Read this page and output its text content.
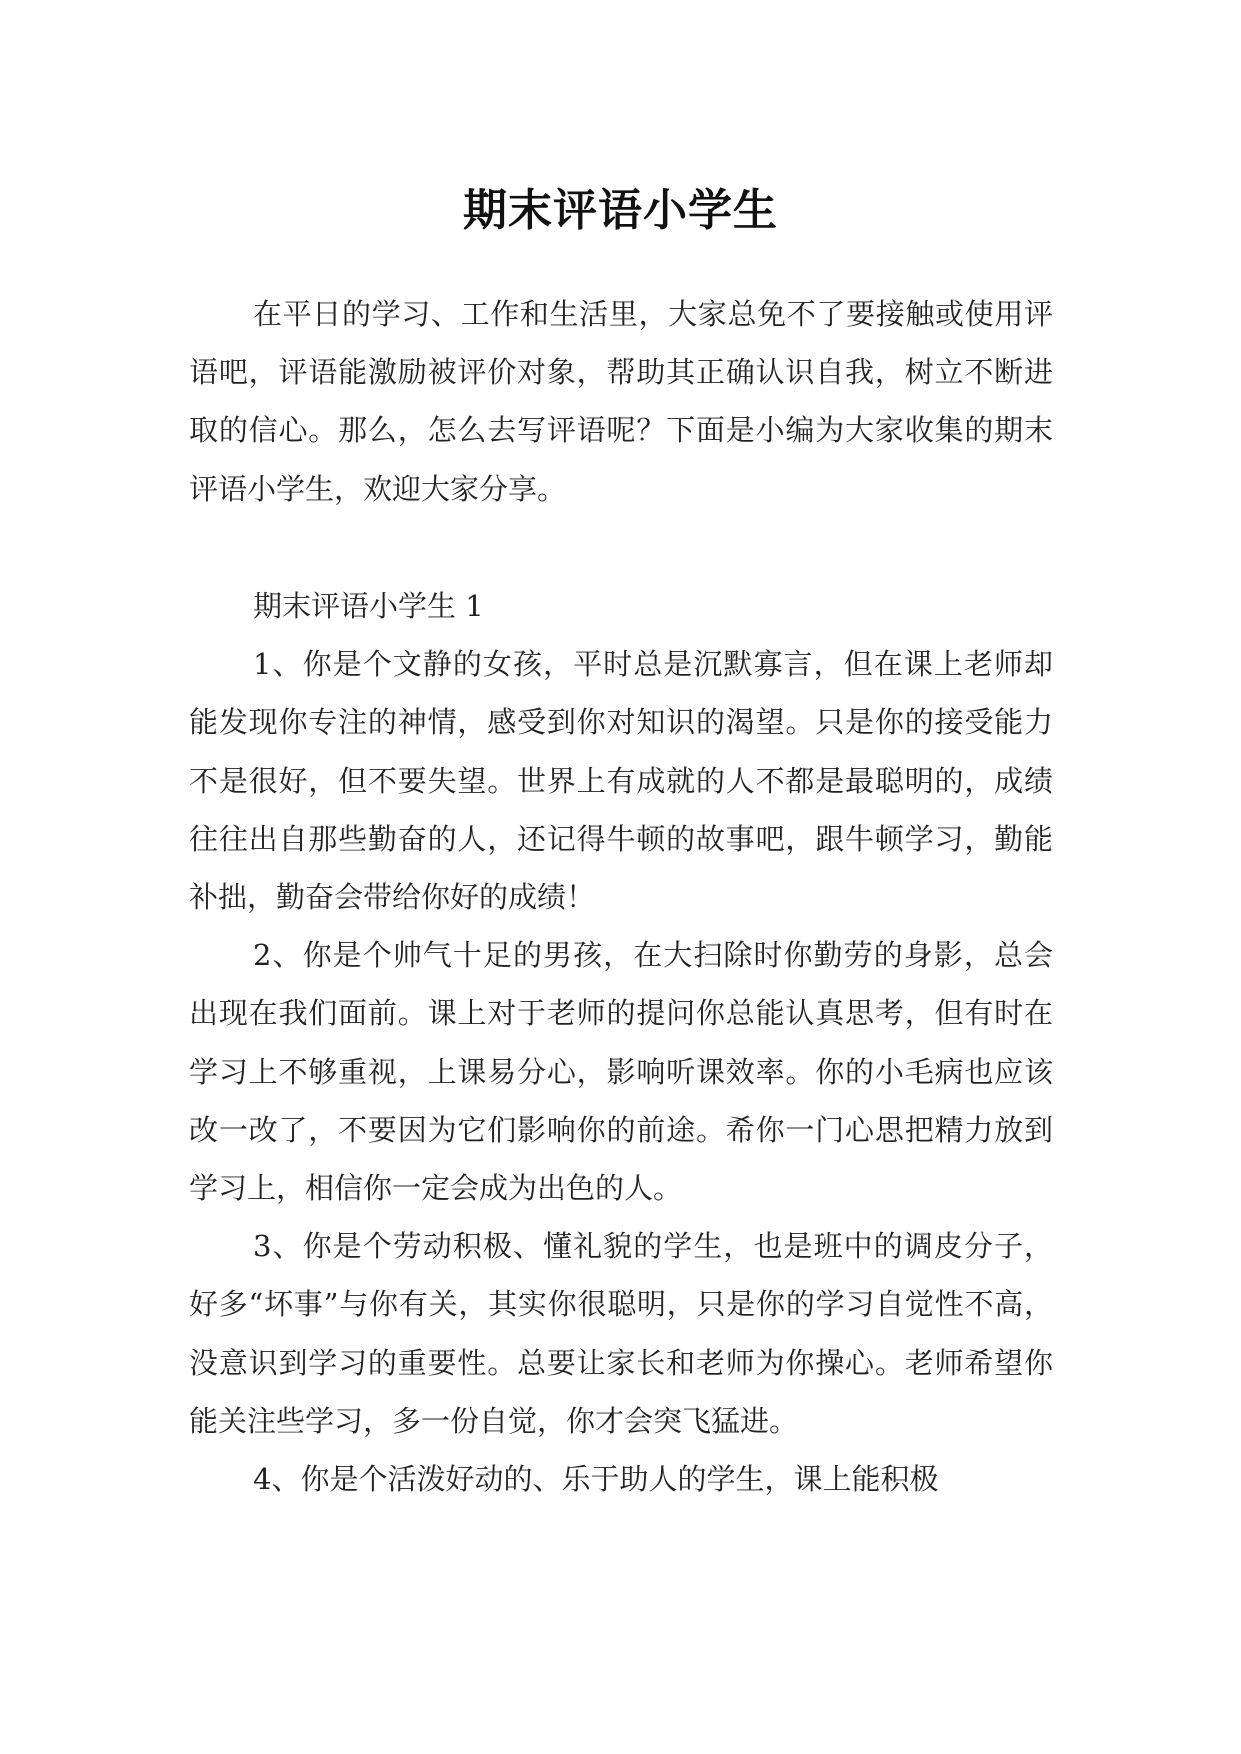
期末评语小学生

在平日的学习、工作和生活里，大家总免不了要接触或使用评语吧，评语能激励被评价对象，帮助其正确认识自我，树立不断进取的信心。那么，怎么去写评语呢？下面是小编为大家收集的期末评语小学生，欢迎大家分享。

期末评语小学生 1

1、你是个文静的女孩，平时总是沉默寡言，但在课上老师却能发现你专注的神情，感受到你对知识的渴望。只是你的接受能力不是很好，但不要失望。世界上有成就的人不都是最聪明的，成绩往往出自那些勤奋的人，还记得牛顿的故事吧，跟牛顿学习，勤能补拙，勤奋会带给你好的成绩！

2、你是个帅气十足的男孩，在大扫除时你勤劳的身影，总会出现在我们面前。课上对于老师的提问你总能认真思考，但有时在学习上不够重视，上课易分心，影响听课效率。你的小毛病也应该改一改了，不要因为它们影响你的前途。希你一门心思把精力放到学习上，相信你一定会成为出色的人。

3、你是个劳动积极、懂礼貌的学生，也是班中的调皮分子，好多“坏事”与你有关，其实你很聪明，只是你的学习自觉性不高，没意识到学习的重要性。总要让家长和老师为你操心。老师希望你能关注些学习，多一份自觉，你才会突飞猛进。

4、你是个活泼好动的、乐于助人的学生，课上能积极
